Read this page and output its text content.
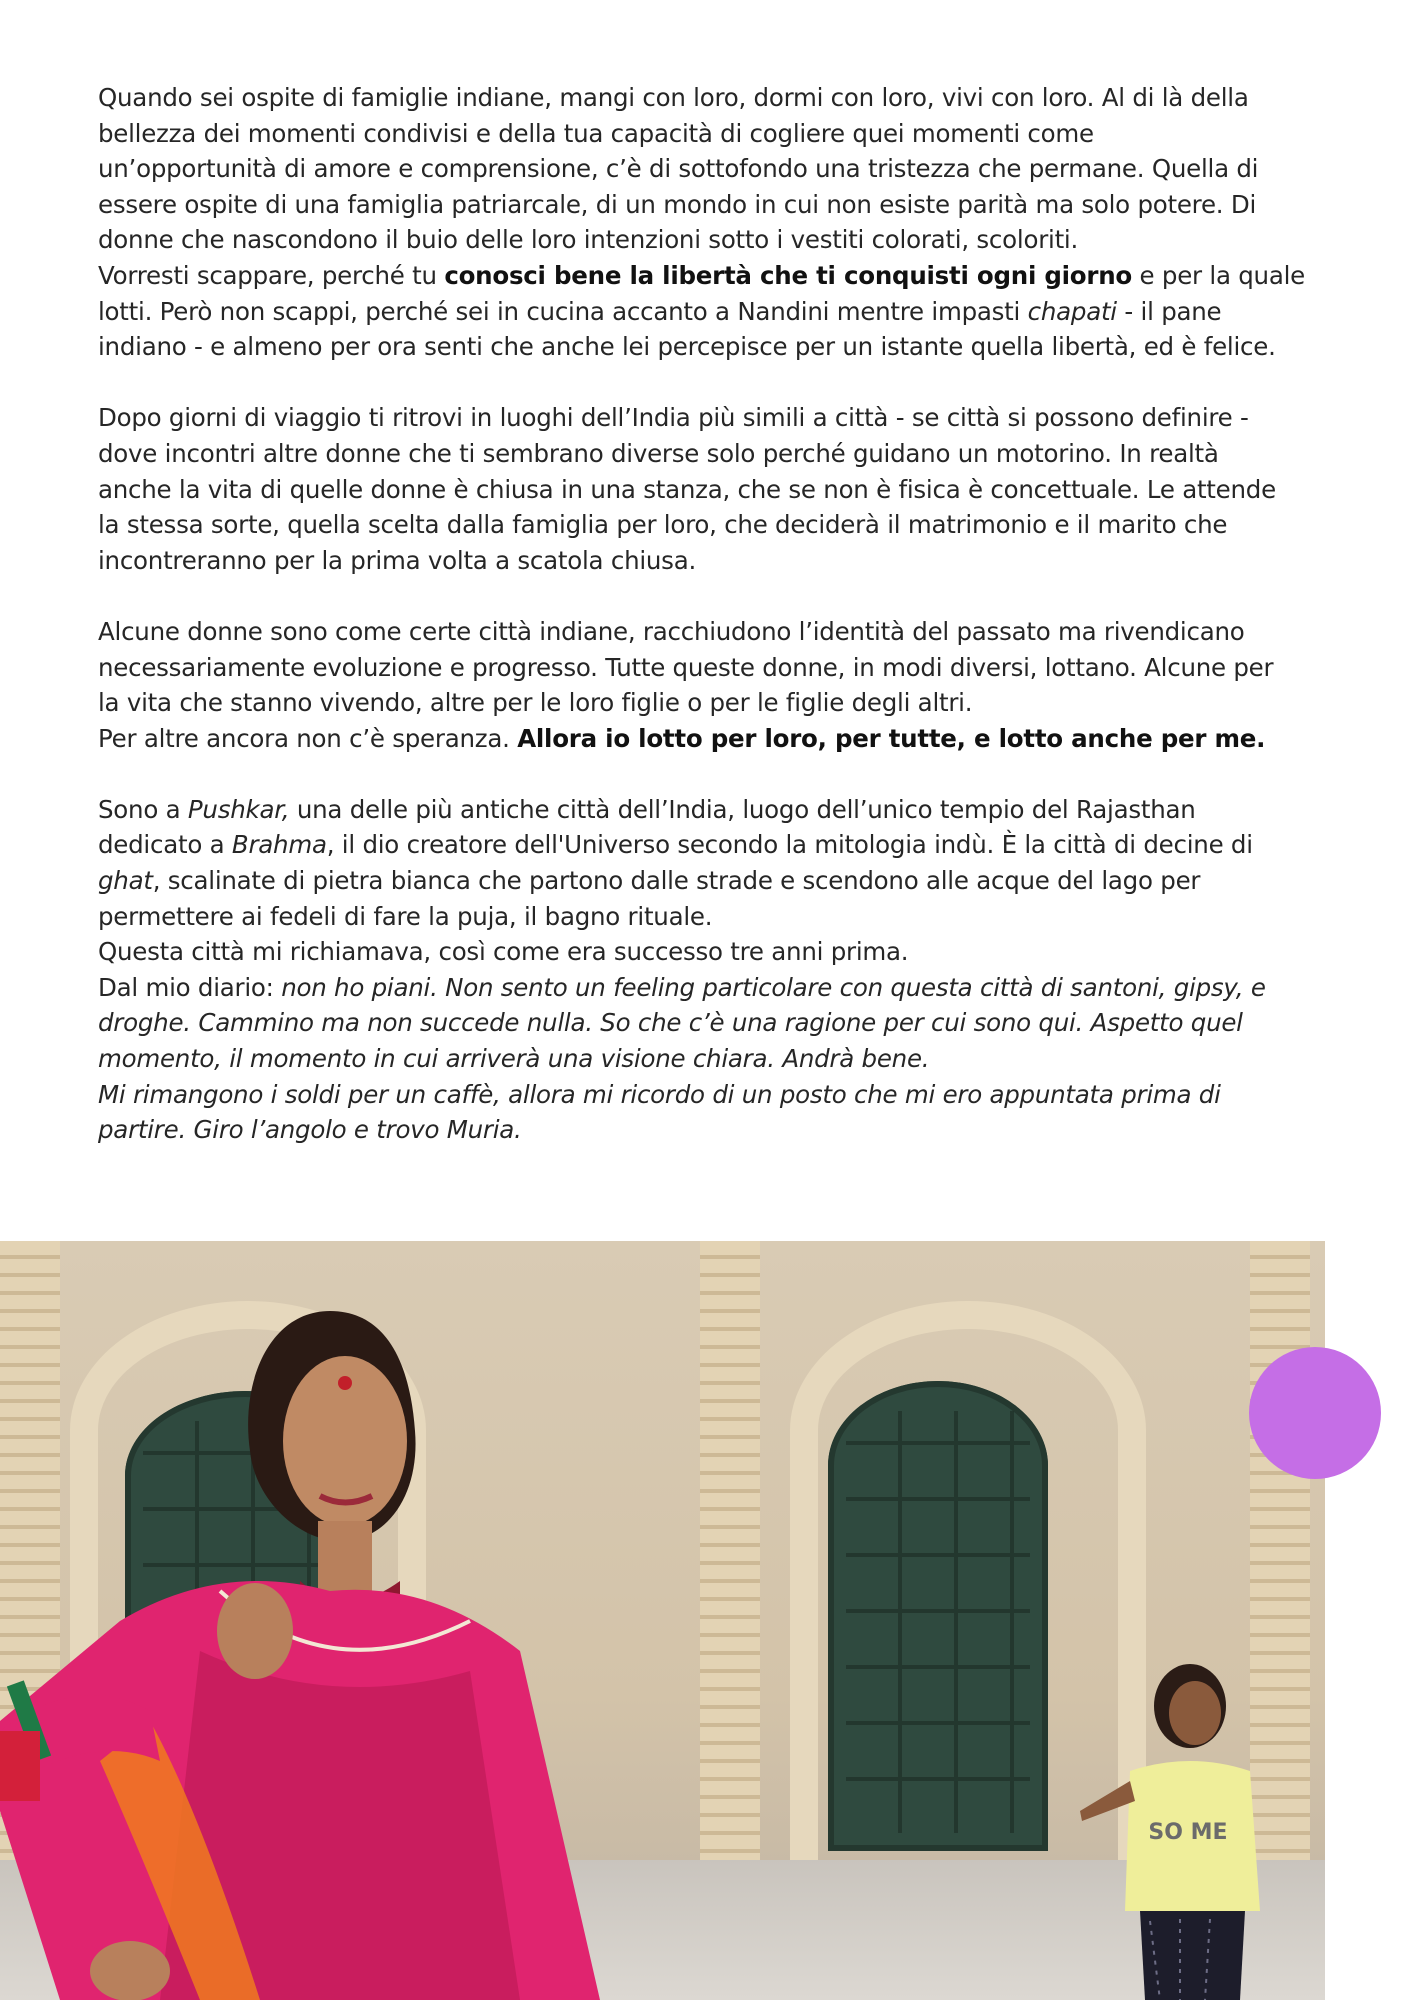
Quando sei ospite di famiglie indiane, mangi con loro, dormi con loro, vivi con loro. Al di là della
bellezza dei momenti condivisi e della tua capacità di cogliere quei momenti come
un’opportunità di amore e comprensione, c’è di sottofondo una tristezza che permane. Quella di
essere ospite di una famiglia patriarcale, di un mondo in cui non esiste parità ma solo potere. Di
donne che nascondono il buio delle loro intenzioni sotto i vestiti colorati, scoloriti.
Vorresti scappare, perché tu conosci bene la libertà che ti conquisti ogni giorno e per la quale
lotti. Però non scappi, perché sei in cucina accanto a Nandini mentre impasti chapati - il pane
indiano - e almeno per ora senti che anche lei percepisce per un istante quella libertà, ed è felice.

Dopo giorni di viaggio ti ritrovi in luoghi dell’India più simili a città - se città si possono definire -
dove incontri altre donne che ti sembrano diverse solo perché guidano un motorino. In realtà
anche la vita di quelle donne è chiusa in una stanza, che se non è fisica è concettuale. Le attende
la stessa sorte, quella scelta dalla famiglia per loro, che deciderà il matrimonio e il marito che
incontreranno per la prima volta a scatola chiusa.

Alcune donne sono come certe città indiane, racchiudono l’identità del passato ma rivendicano
necessariamente evoluzione e progresso. Tutte queste donne, in modi diversi, lottano. Alcune per
la vita che stanno vivendo, altre per le loro figlie o per le figlie degli altri.
Per altre ancora non c’è speranza. Allora io lotto per loro, per tutte, e lotto anche per me.

Sono a Pushkar, una delle più antiche città dell’India, luogo dell’unico tempio del Rajasthan
dedicato a Brahma, il dio creatore dell'Universo secondo la mitologia indù. È la città di decine di
ghat, scalinate di pietra bianca che partono dalle strade e scendono alle acque del lago per
permettere ai fedeli di fare la puja, il bagno rituale.
Questa città mi richiamava, così come era successo tre anni prima.
Dal mio diario: non ho piani. Non sento un feeling particolare con questa città di santoni, gipsy, e
droghe. Cammino ma non succede nulla. So che c’è una ragione per cui sono qui. Aspetto quel
momento, il momento in cui arriverà una visione chiara. Andrà bene.
Mi rimangono i soldi per un caffè, allora mi ricordo di un posto che mi ero appuntata prima di
partire. Giro l’angolo e trovo Muria.

SO ME
